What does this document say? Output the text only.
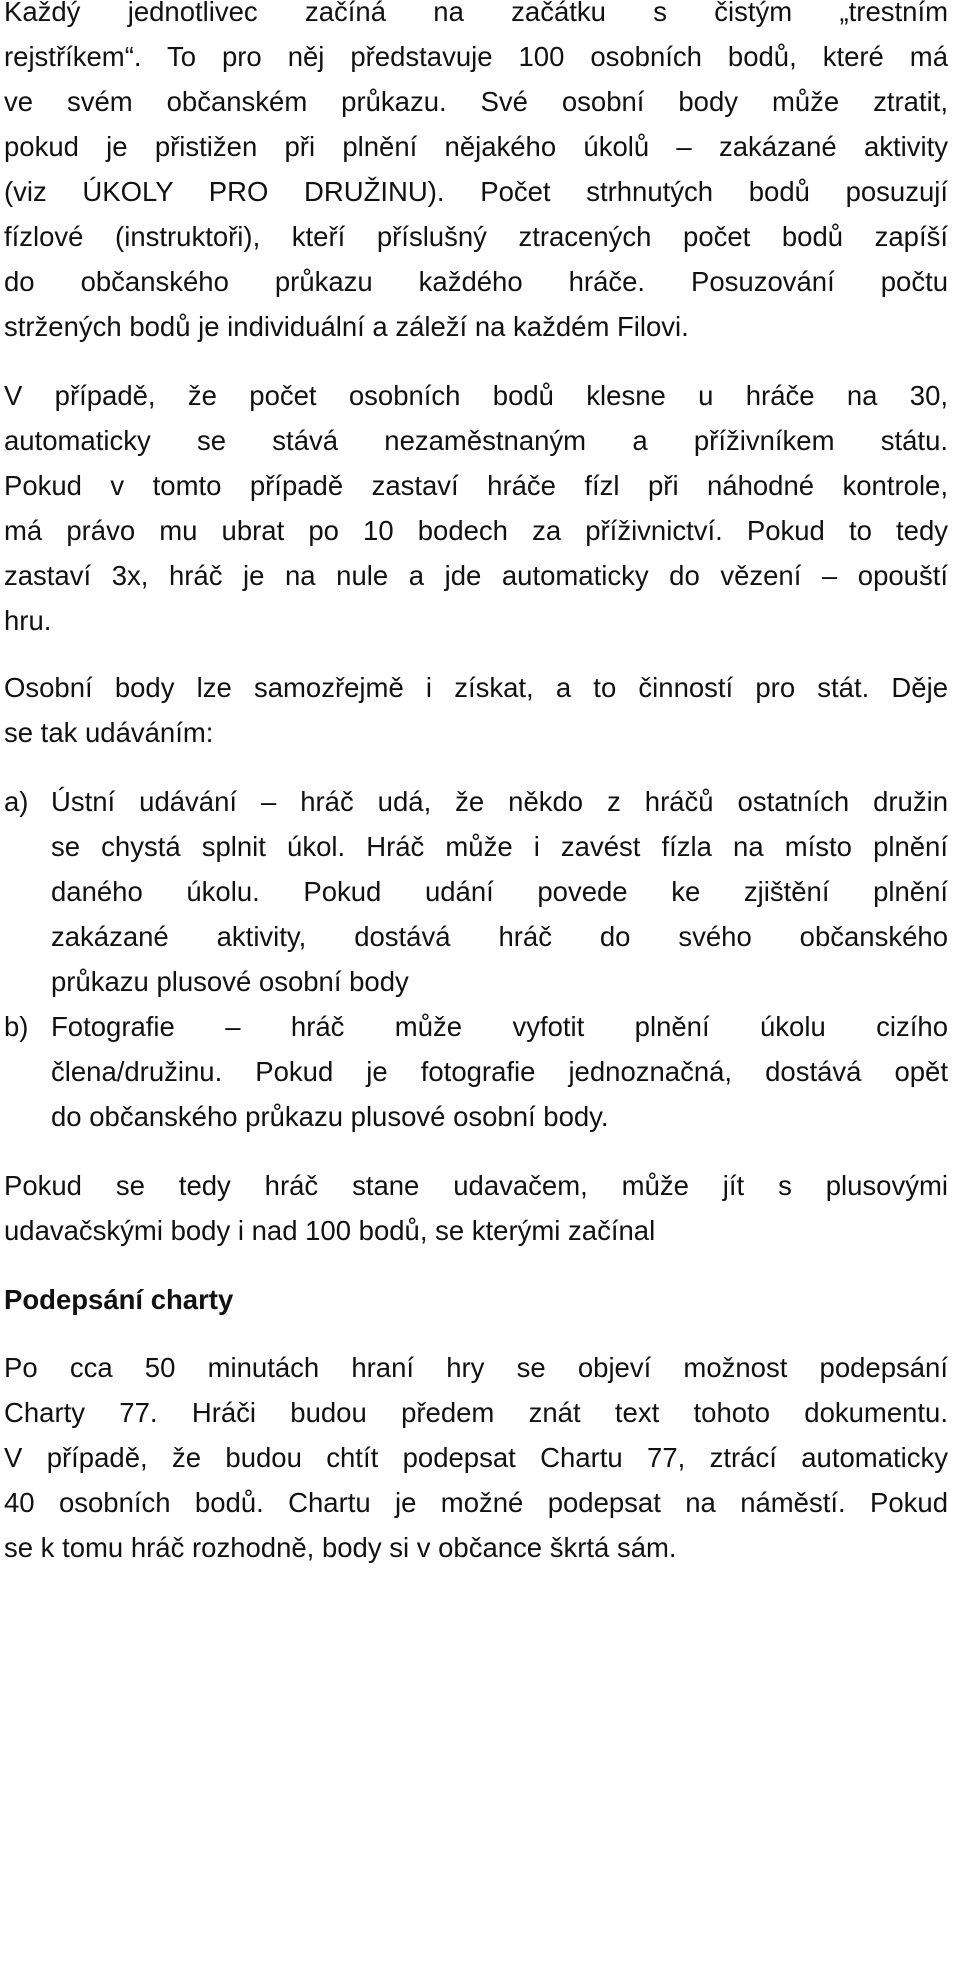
Každý jednotlivec začíná na začátku s čistým „trestním
rejstříkem“. To pro něj představuje 100 osobních bodů, které má
ve svém občanském průkazu. Své osobní body může ztratit,
pokud je přistižen při plnění nějakého úkolů – zakázané aktivity
(viz ÚKOLY PRO DRUŽINU). Počet strhnutých bodů posuzují
fízlové (instruktoři), kteří příslušný ztracených počet bodů zapíší
do občanského průkazu každého hráče. Posuzování počtu
stržených bodů je individuální a záleží na každém Filovi.
V případě, že počet osobních bodů klesne u hráče na 30,
automaticky se stává nezaměstnaným a příživníkem státu.
Pokud v tomto případě zastaví hráče fízl při náhodné kontrole,
má právo mu ubrat po 10 bodech za příživnictví. Pokud to tedy
zastaví 3x, hráč je na nule a jde automaticky do vězení – opouští
hru.
Osobní body lze samozřejmě i získat, a to činností pro stát. Děje
se tak udáváním:
a) Ústní udávání – hráč udá, že někdo z hráčů ostatních družin
se chystá splnit úkol. Hráč může i zavést fízla na místo plnění
daného úkolu. Pokud udání povede ke zjištění plnění
zakázané aktivity, dostává hráč do svého občanského
průkazu plusové osobní body
b) Fotografie – hráč může vyfotit plnění úkolu cizího
člena/družinu. Pokud je fotografie jednoznačná, dostává opět
do občanského průkazu plusové osobní body.
Pokud se tedy hráč stane udavačem, může jít s plusovými
udavačskými body i nad 100 bodů, se kterými začínal
Podepsání charty
Po cca 50 minutách hraní hry se objeví možnost podepsání
Charty 77. Hráči budou předem znát text tohoto dokumentu.
V případě, že budou chtít podepsat Chartu 77, ztrácí automaticky
40 osobních bodů. Chartu je možné podepsat na náměstí. Pokud
se k tomu hráč rozhodně, body si v občance škrtá sám.
